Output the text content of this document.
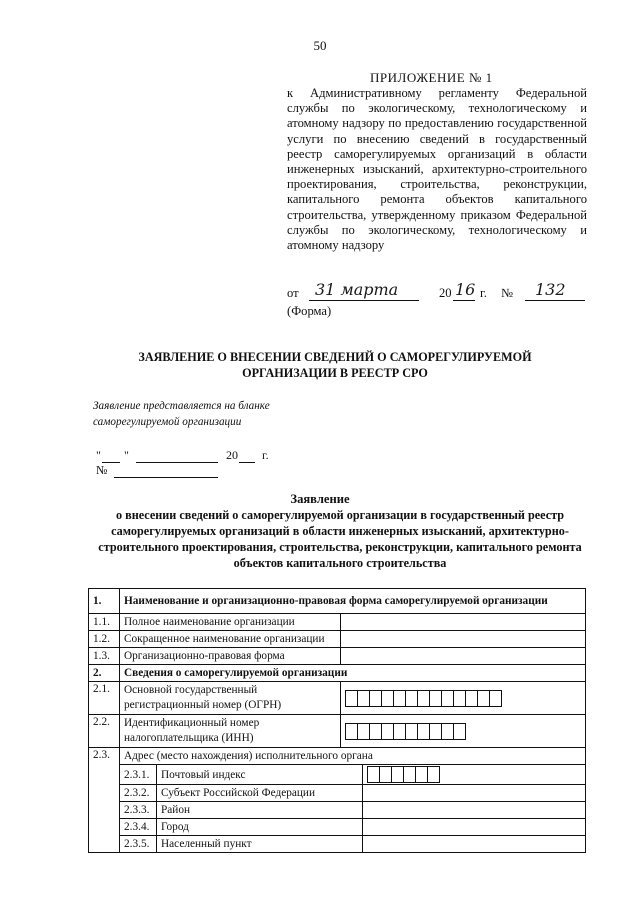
50
ПРИЛОЖЕНИЕ № 1
к Административному регламенту Федеральной службы по экологическому, технологическому и атомному надзору по предоставлению государственной услуги по внесению сведений в государственный реестр саморегулируемых организаций в области инженерных изысканий, архитектурно-строительного проектирования, строительства, реконструкции, капитального ремонта объектов капитального строительства, утвержденному приказом Федеральной службы по экологическому, технологическому и атомному надзору
от 31 марта	20 16 г. № 132
(Форма)
ЗАЯВЛЕНИЕ О ВНЕСЕНИИ СВЕДЕНИЙ О САМОРЕГУЛИРУЕМОЙ
ОРГАНИЗАЦИИ В РЕЕСТР СРО
Заявление представляется на бланке
саморегулируемой организации
" "	20 г.
№
Заявление
о внесении сведений о саморегулируемой организации в государственный реестр саморегулируемых организаций в области инженерных изысканий, архитектурно-строительного проектирования, строительства, реконструкции, капитального ремонта объектов капитального строительства
1.	Наименование и организационно-правовая форма саморегулируемой организации
1.1.	Полное наименование организации	
1.2.	Сокращенное наименование организации	
1.3.	Организационно-правовая форма	
2.	Сведения о саморегулируемой организации
2.1.	Основной государственный регистрационный номер (ОГРН)	

2.2.	Идентификационный номер налогоплательщика (ИНН)	

2.3.	Адрес (место нахождения) исполнительного органа
2.3.1.	Почтовый индекс	

2.3.2.	Субъект Российской Федерации	
2.3.3.	Район	
2.3.4.	Город	
2.3.5.	Населенный пункт	
